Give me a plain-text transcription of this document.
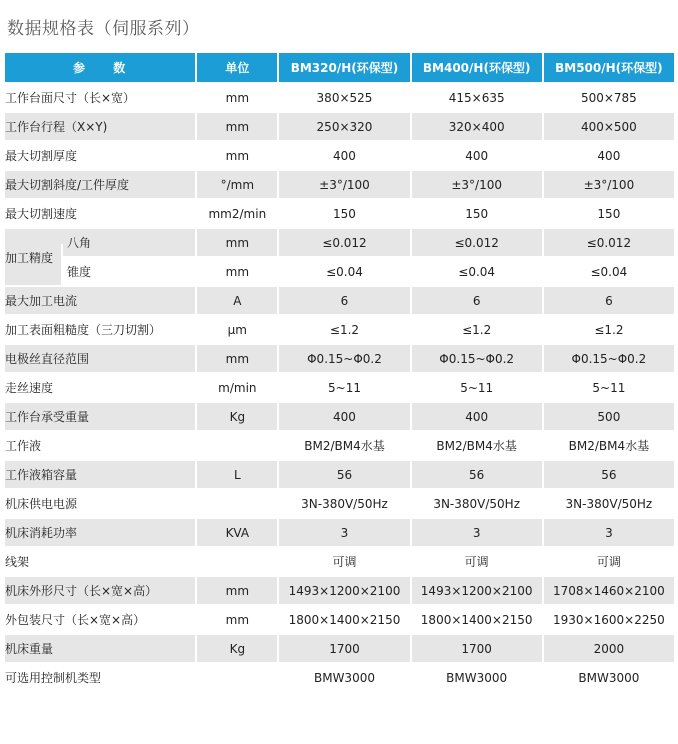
数据规格表（伺服系列）
参 数	单位	BM320/H(环保型)	BM400/H(环保型)	BM500/H(环保型)
工作台面尺寸（长×宽）	mm	380×525	415×635	500×785
工作台行程（X×Y)	mm	250×320	320×400	400×500
最大切割厚度	mm	400	400	400
最大切割斜度/工件厚度	°/mm	±3°/100	±3°/100	±3°/100
最大切割速度	mm2/min	150	150	150

加工精度
八角	mm	≤0.012	≤0.012	≤0.012

锥度	mm	≤0.04	≤0.04	≤0.04
最大加工电流	A	6	6	6
加工表面粗糙度（三刀切割）	μm	≤1.2	≤1.2	≤1.2
电极丝直径范围	mm	Φ0.15~Φ0.2	Φ0.15~Φ0.2	Φ0.15~Φ0.2
走丝速度	m/min	5~11	5~11	5~11
工作台承受重量	Kg	400	400	500
工作液		BM2/BM4水基	BM2/BM4水基	BM2/BM4水基
工作液箱容量	L	56	56	56
机床供电电源		3N-380V/50Hz	3N-380V/50Hz	3N-380V/50Hz
机床消耗功率	KVA	3	3	3
线架		可调	可调	可调
机床外形尺寸（长×宽×高）	mm	1493×1200×2100	1493×1200×2100	1708×1460×2100
外包装尺寸（长×宽×高）	mm	1800×1400×2150	1800×1400×2150	1930×1600×2250
机床重量	Kg	1700	1700	2000
可选用控制机类型		BMW3000	BMW3000	BMW3000
